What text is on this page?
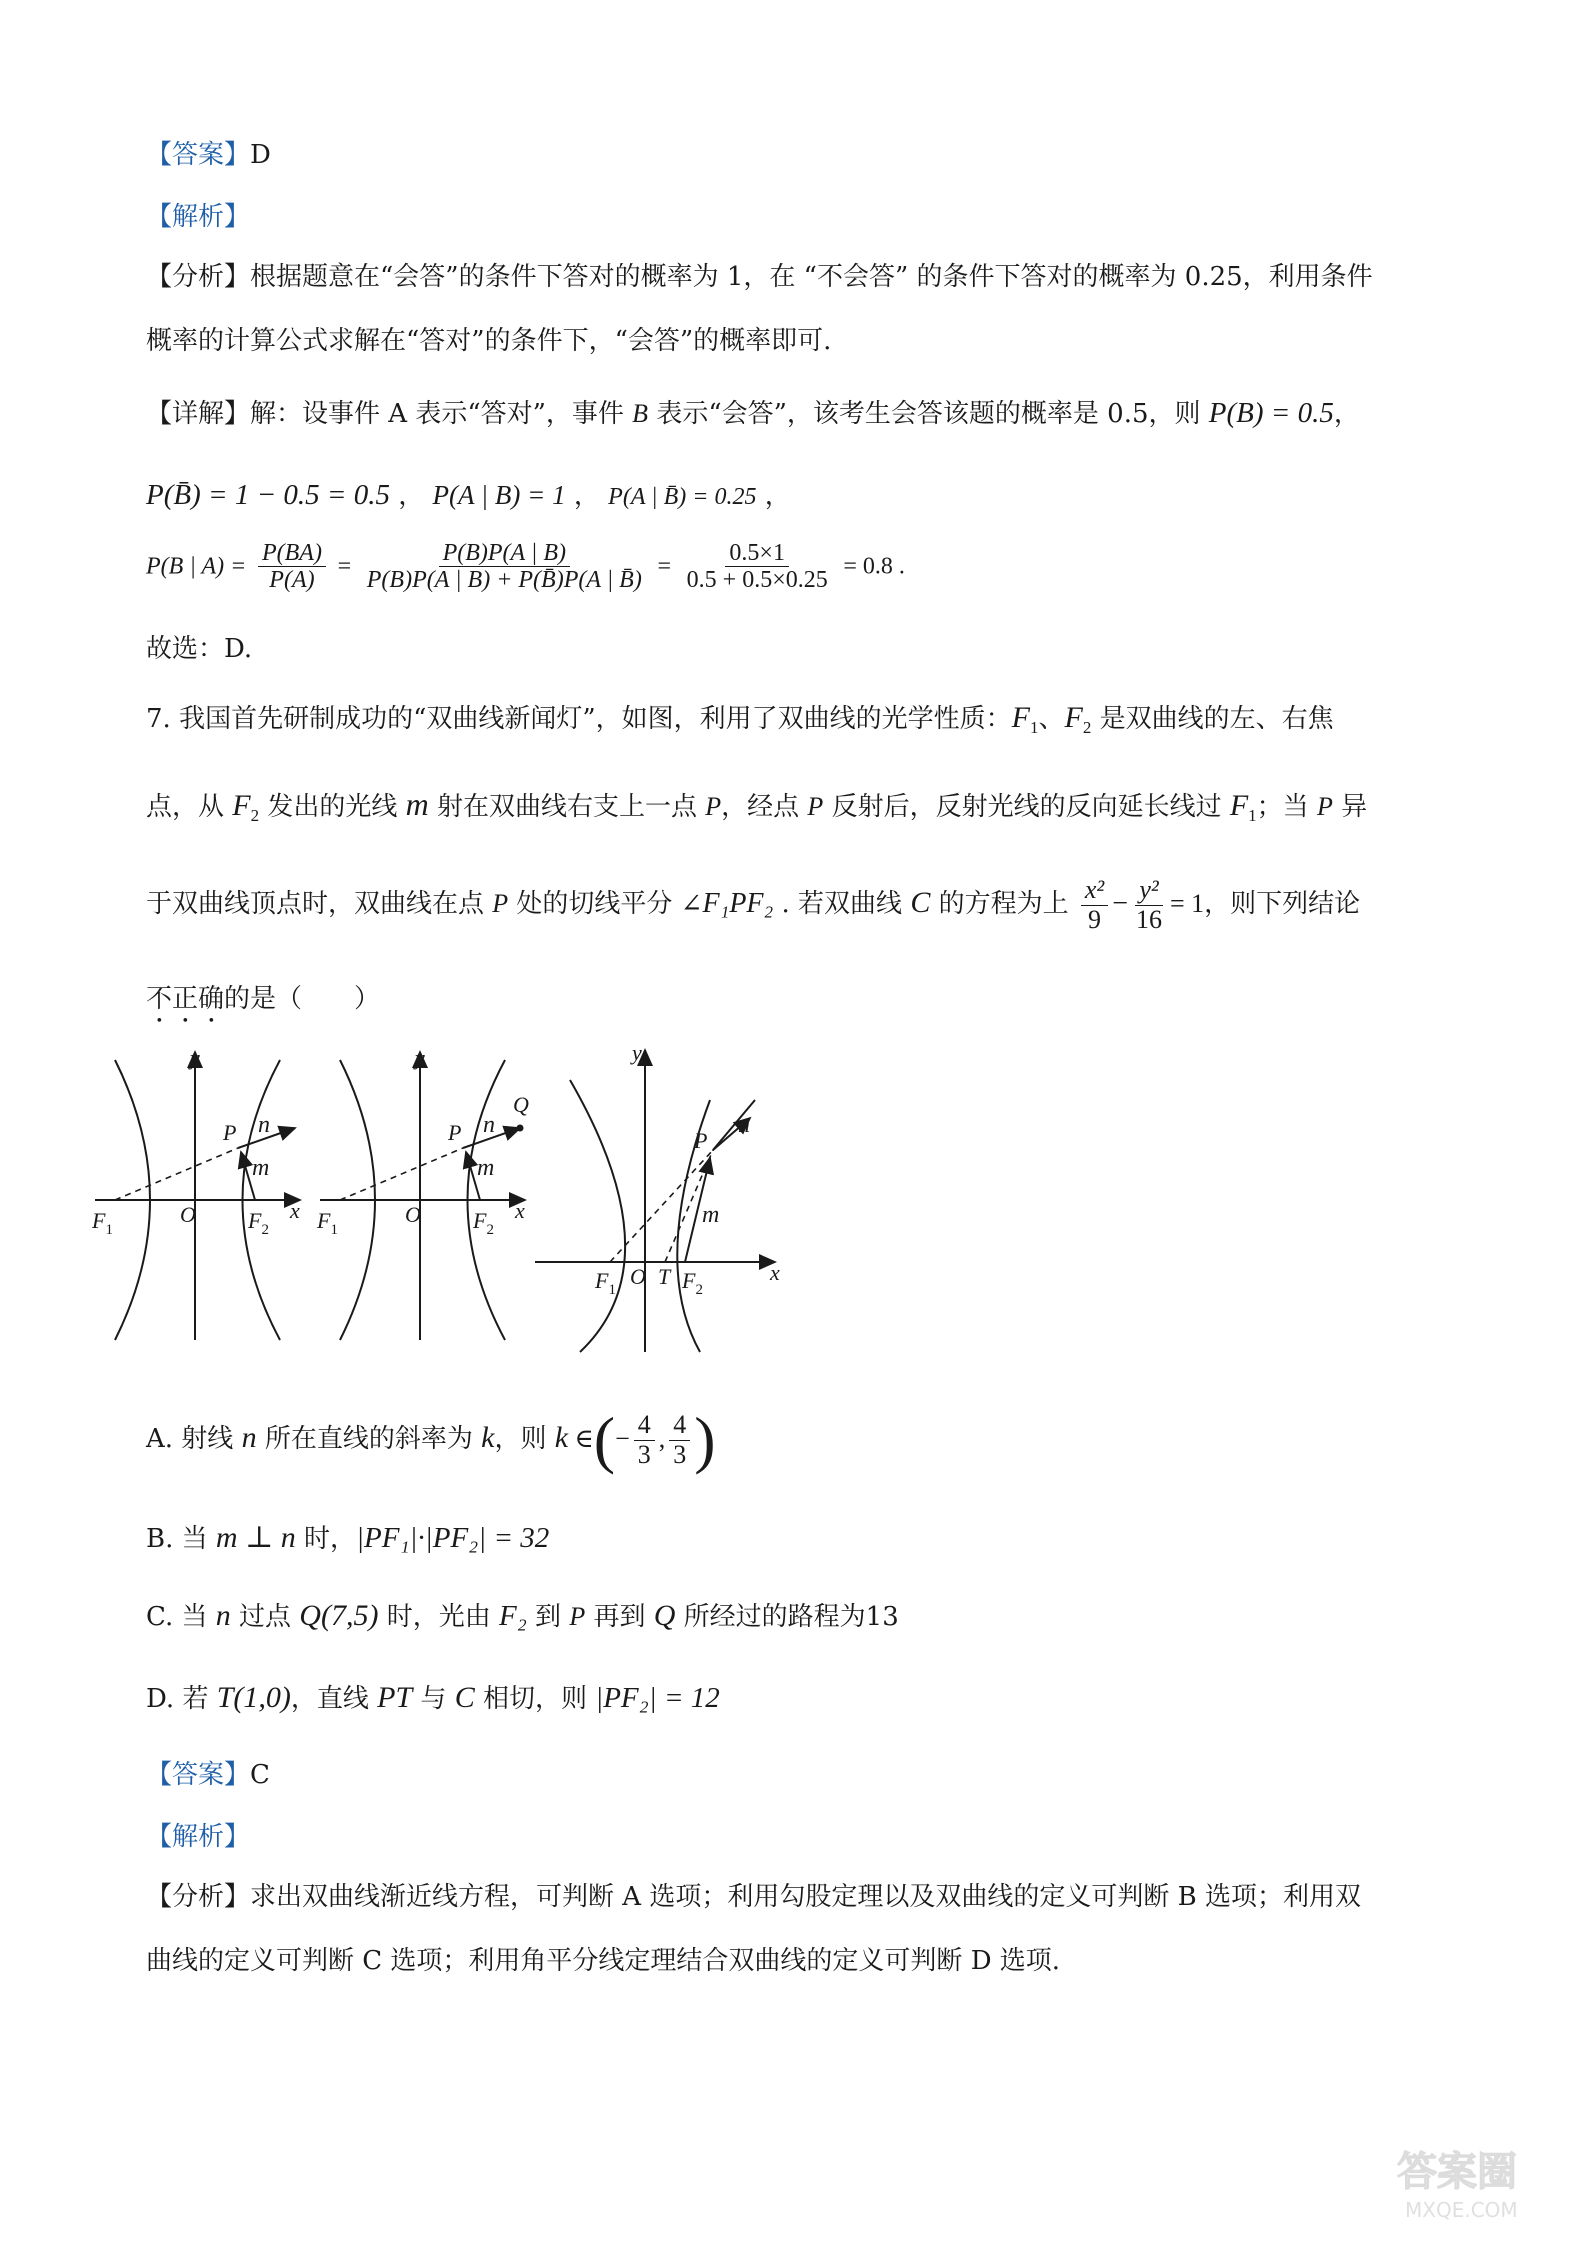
【答案】D
【解析】
【分析】根据题意在“会答”的条件下答对的概率为 1，在 “不会答” 的条件下答对的概率为 0.25，利用条件
概率的计算公式求解在“答对”的条件下，“会答”的概率即可.
【详解】解：设事件 A 表示“答对”，事件 B 表示“会答”，该考生会答该题的概率是 0.5，则 P(B) = 0.5，
P(B̄) = 1 − 0.5 = 0.5 ， P(A | B) = 1 ， P(A | B̄) = 0.25 ，
P(B | $A) = \frac{P(BA)}{P(A)} = \frac{P(B)P(A | B)}{P(B)P(A | B) + P(B̄)P(A | B̄)} = \frac{0.5\times 1}{0.5 + 0.5\times 0.25} = 0.8$ .
故选：D.
7. 我国首先研制成功的“双曲线新闻灯”，如图，利用了双曲线的光学性质：$F_1$、$F_2$ 是双曲线的左、右焦
点，从 $F_2$ 发出的光线 m 射在双曲线右支上一点 P，经点 P 反射后，反射光线的反向延长线过 $F_1$；当 P 异
于双曲线顶点时，双曲线在点 P 处的切线平分 ∠F₁PF₂ . 若双曲线 C 的方程为上 $\frac{\text{x²}}{9} - \frac{\text{y²}}{16} = 1$，则下列结论
不正确的是（　　）
y
x
O
$F_1$	$F_2$
P n
m
y
x
O
$F_1$	$F_2$
P n
m
Q
y
x
O
$F_1$
T $F_2$
P
n
m
A. 射线 n 所在直线的斜率为 k，则 k ∈(− $\frac{4}{3}$ , $\frac{4}{3}$ )
B. 当 m ⊥ n 时，|PF₁|·|PF₂| = 32
C. 当 n 过点 Q(7,5) 时，光由 F₂ 到 P 再到 Q 所经过的路程为13
D. 若 T(1,0)，直线 PT 与 C 相切，则 |PF₂| = 12
【答案】C
【解析】
【分析】求出双曲线渐近线方程，可判断 A 选项；利用勾股定理以及双曲线的定义可判断 B 选项；利用双
曲线的定义可判断 C 选项；利用角平分线定理结合双曲线的定义可判断 D 选项.
答案圈
MXQE.COM
